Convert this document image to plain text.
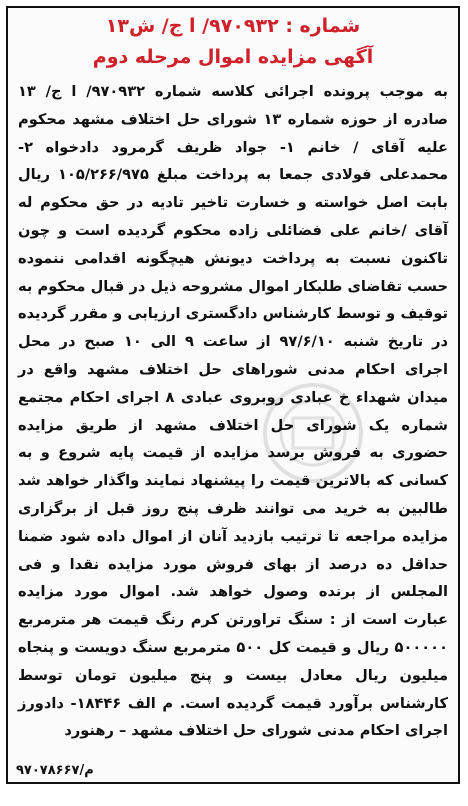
شماره : ۹۷۰۹۳۲/ ا ج/ ش۱۳
آگهی مزایده اموال مرحله دوم
به موجب پرونده اجرائی کلاسه شماره ۹۷۰۹۳۲/ ا ج/ ۱۳ صادره از حوزه شماره ۱۳ شورای حل اختلاف مشهد محکوم علیه آقای / خانم ۱- جواد ظریف گرمرود دادخواه ۲- محمدعلی فولادی جمعا به پرداخت مبلغ ۱۰۵/۲۶۶/۹۷۵ ریال بابت اصل خواسته و خسارت تاخیر تادیه در حق محکوم له آقای /خانم علی فضائلی زاده محکوم گردیده است و چون تاکنون نسبت به پرداخت دیونش هیچگونه اقدامی ننموده حسب تقاضای طلبکار اموال مشروحه ذیل در قبال محکوم به توقیف و توسط کارشناس دادگستری ارزیابی و مقرر گردیده در تاریخ شنبه ۹۷/۶/۱۰ از ساعت ۹ الی ۱۰ صبح در محل اجرای احکام مدنی شوراهای حل اختلاف مشهد واقع در میدان شهداء خ عبادی روبروی عبادی ۸ اجرای احکام مجتمع شماره یک شورای حل اختلاف مشهد از طریق مزایده حضوری به فروش برسد مزایده از قیمت پایه شروع و به کسانی که بالاترین قیمت را پیشنهاد نمایند واگذار خواهد شد طالبین به خرید می توانند ظرف پنج روز قبل از برگزاری مزایده مراجعه تا ترتیب بازدید آنان از اموال داده شود ضمنا حداقل ده درصد از بهای فروش مورد مزایده نقدا و فی المجلس از برنده وصول خواهد شد. اموال مورد مزایده عبارت است از : سنگ تراورتن کرم رنگ قیمت هر مترمربع ۵۰۰۰۰۰ ریال و قیمت کل ۵۰۰ مترمربع سنگ دویست و پنجاه میلیون ریال معادل بیست و پنج میلیون تومان توسط کارشناس برآورد قیمت گردیده است. م الف ۱۸۴۴۶- دادورز اجرای احکام مدنی شورای حل اختلاف مشهد – رهنورد
م/۹۷۰۷۸۶۶۷
